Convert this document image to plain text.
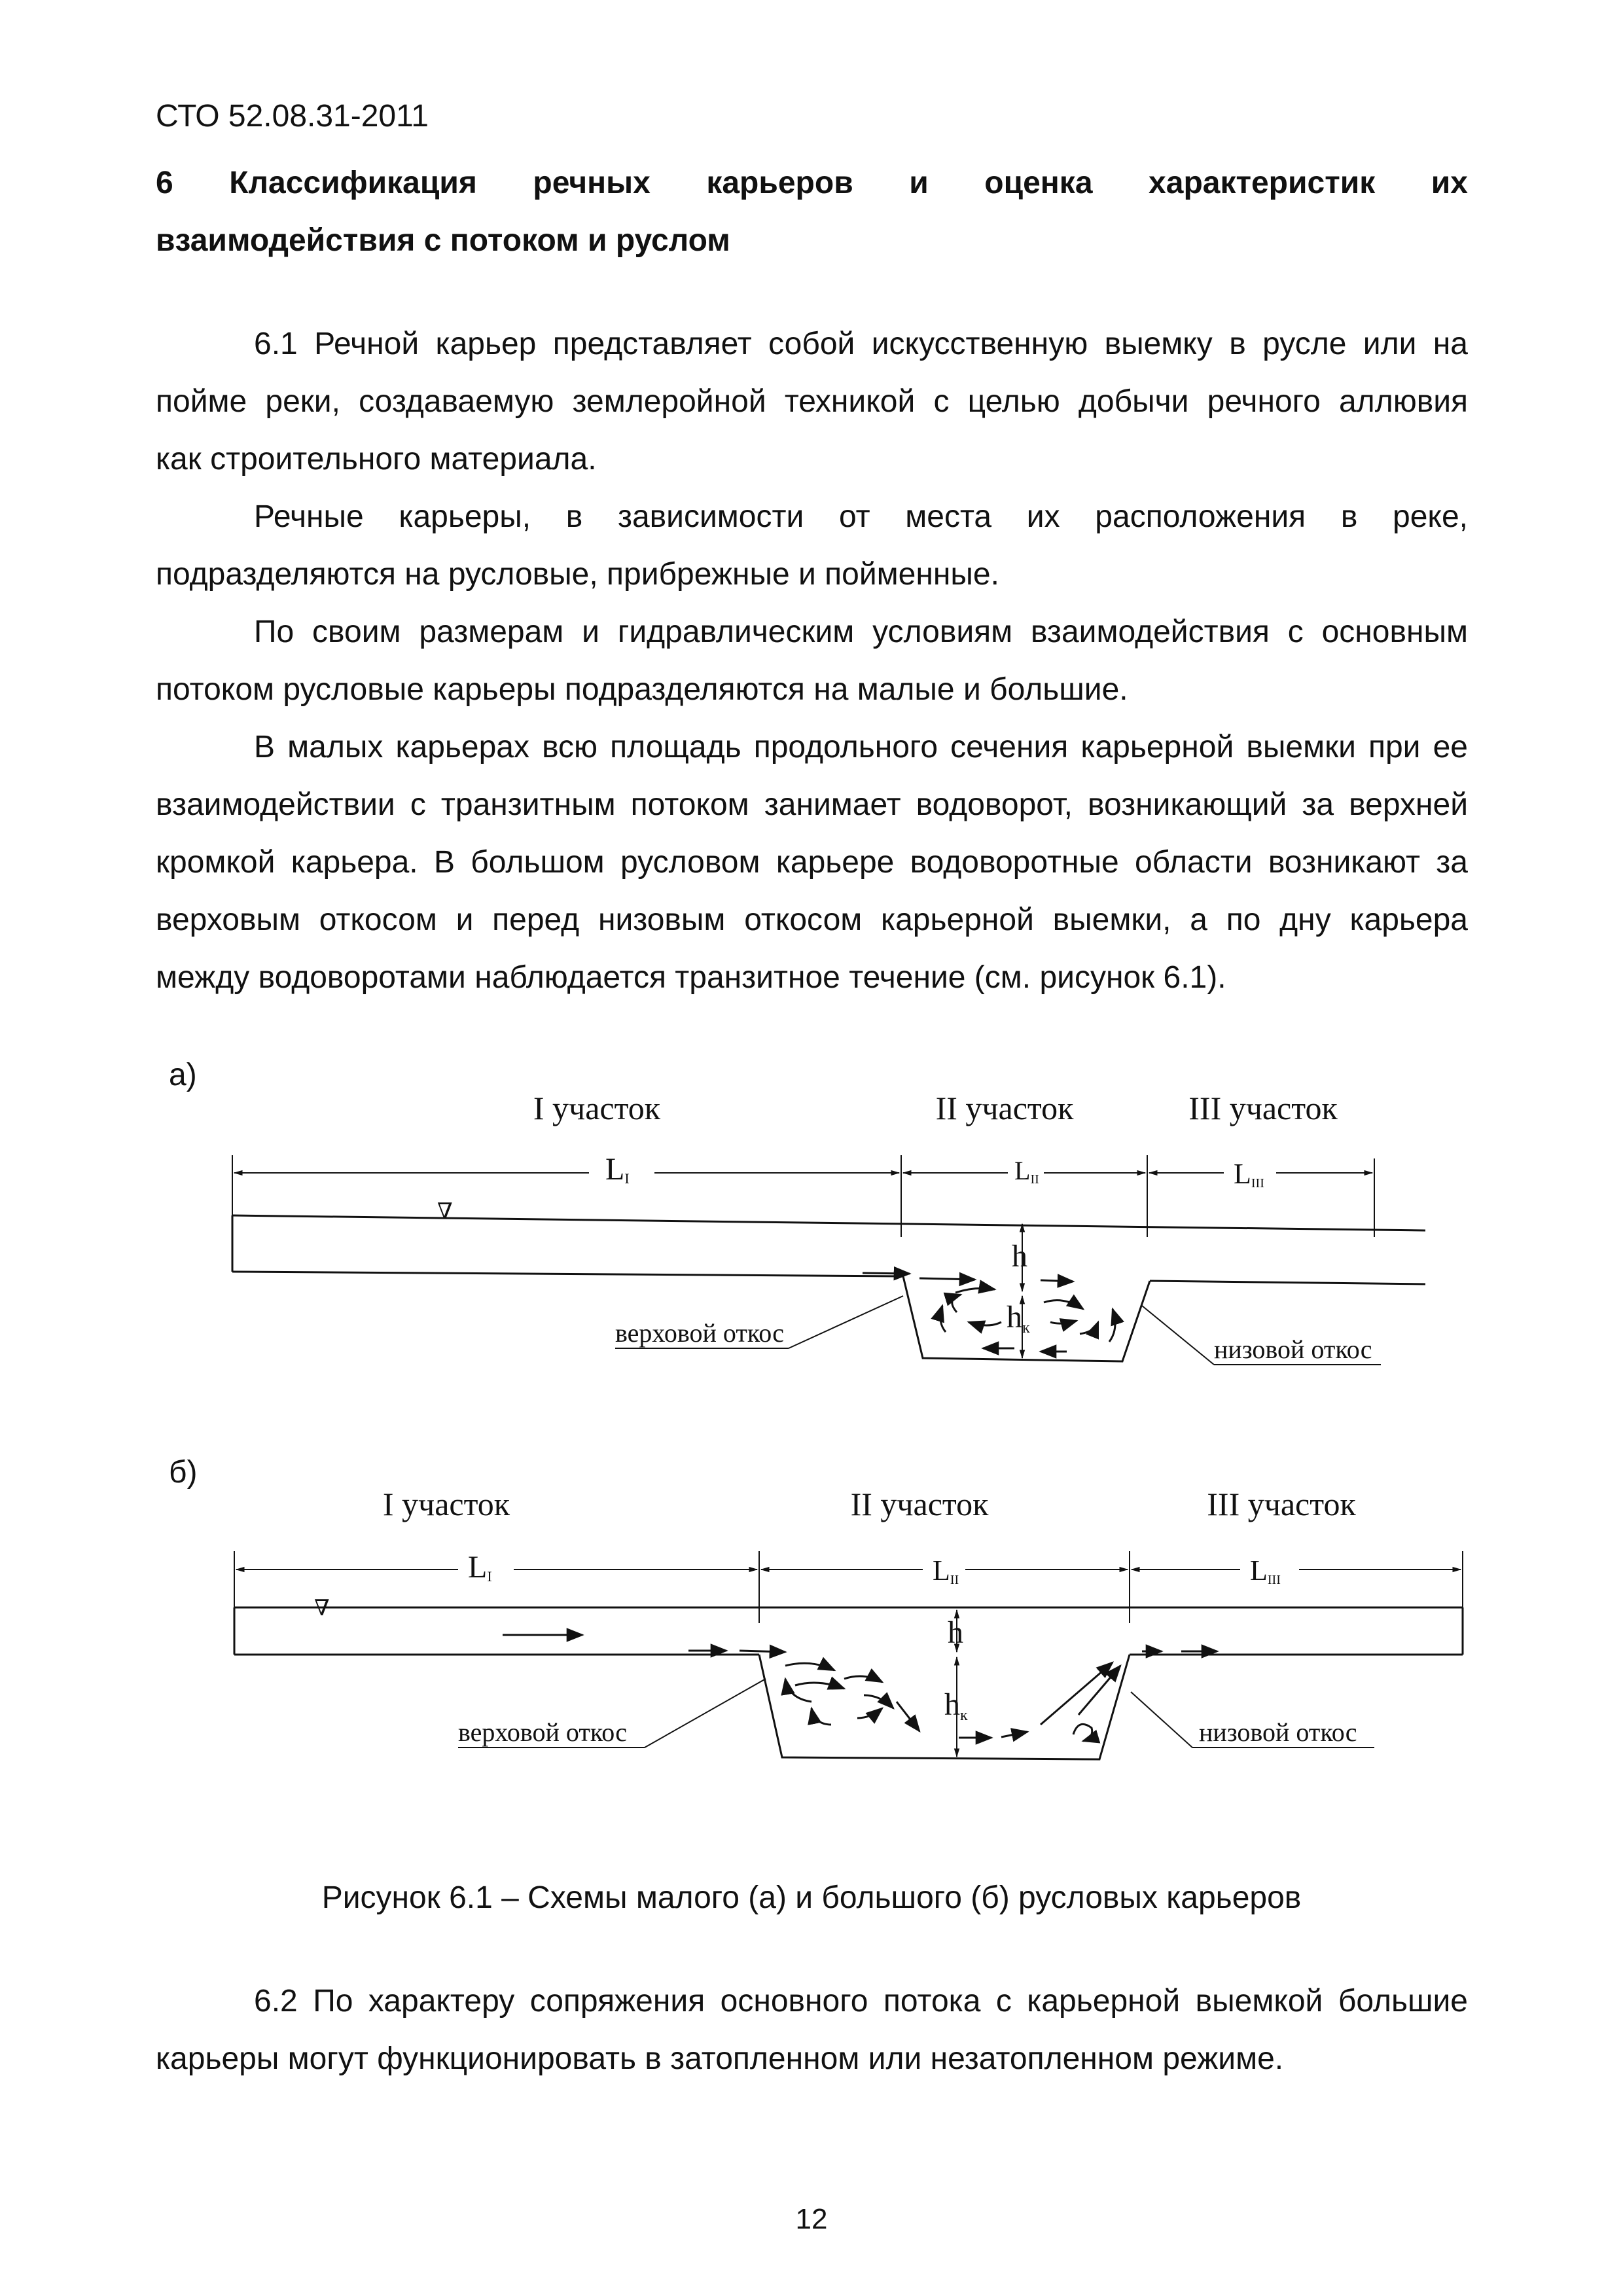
СТО 52.08.31-2011
6 Классификация речных карьеров и оценка характеристик их
взаимодействия с потоком и руслом
6.1 Речной карьер представляет собой искусственную выемку в русле или на
пойме реки, создаваемую землеройной техникой с целью добычи речного аллювия
как строительного материала.
Речные карьеры, в зависимости от места их расположения в реке,
подразделяются на русловые, прибрежные и пойменные.
По своим размерам и гидравлическим условиям взаимодействия с основным
потоком русловые карьеры подразделяются на малые и большие.
В малых карьерах всю площадь продольного сечения карьерной выемки при ее
взаимодействии с транзитным потоком занимает водоворот, возникающий за верхней
кромкой карьера. В большом русловом карьере водоворотные области возникают за
верховым откосом и перед низовым откосом карьерной выемки, а по дну карьера
между водоворотами наблюдается транзитное течение (см. рисунок 6.1).
а)
I участок	II участок	III участок
LI	LII	LIII
∇
h
hк
верховой откос
низовой откос
б)
I участок	II участок	III участок
LI	LII	LIII
∇
h
hк
верховой откос	низовой откос
Рисунок 6.1 – Схемы малого (а) и большого (б) русловых карьеров
6.2 По характеру сопряжения основного потока с карьерной выемкой большие
карьеры могут функционировать в затопленном или незатопленном режиме.
12
